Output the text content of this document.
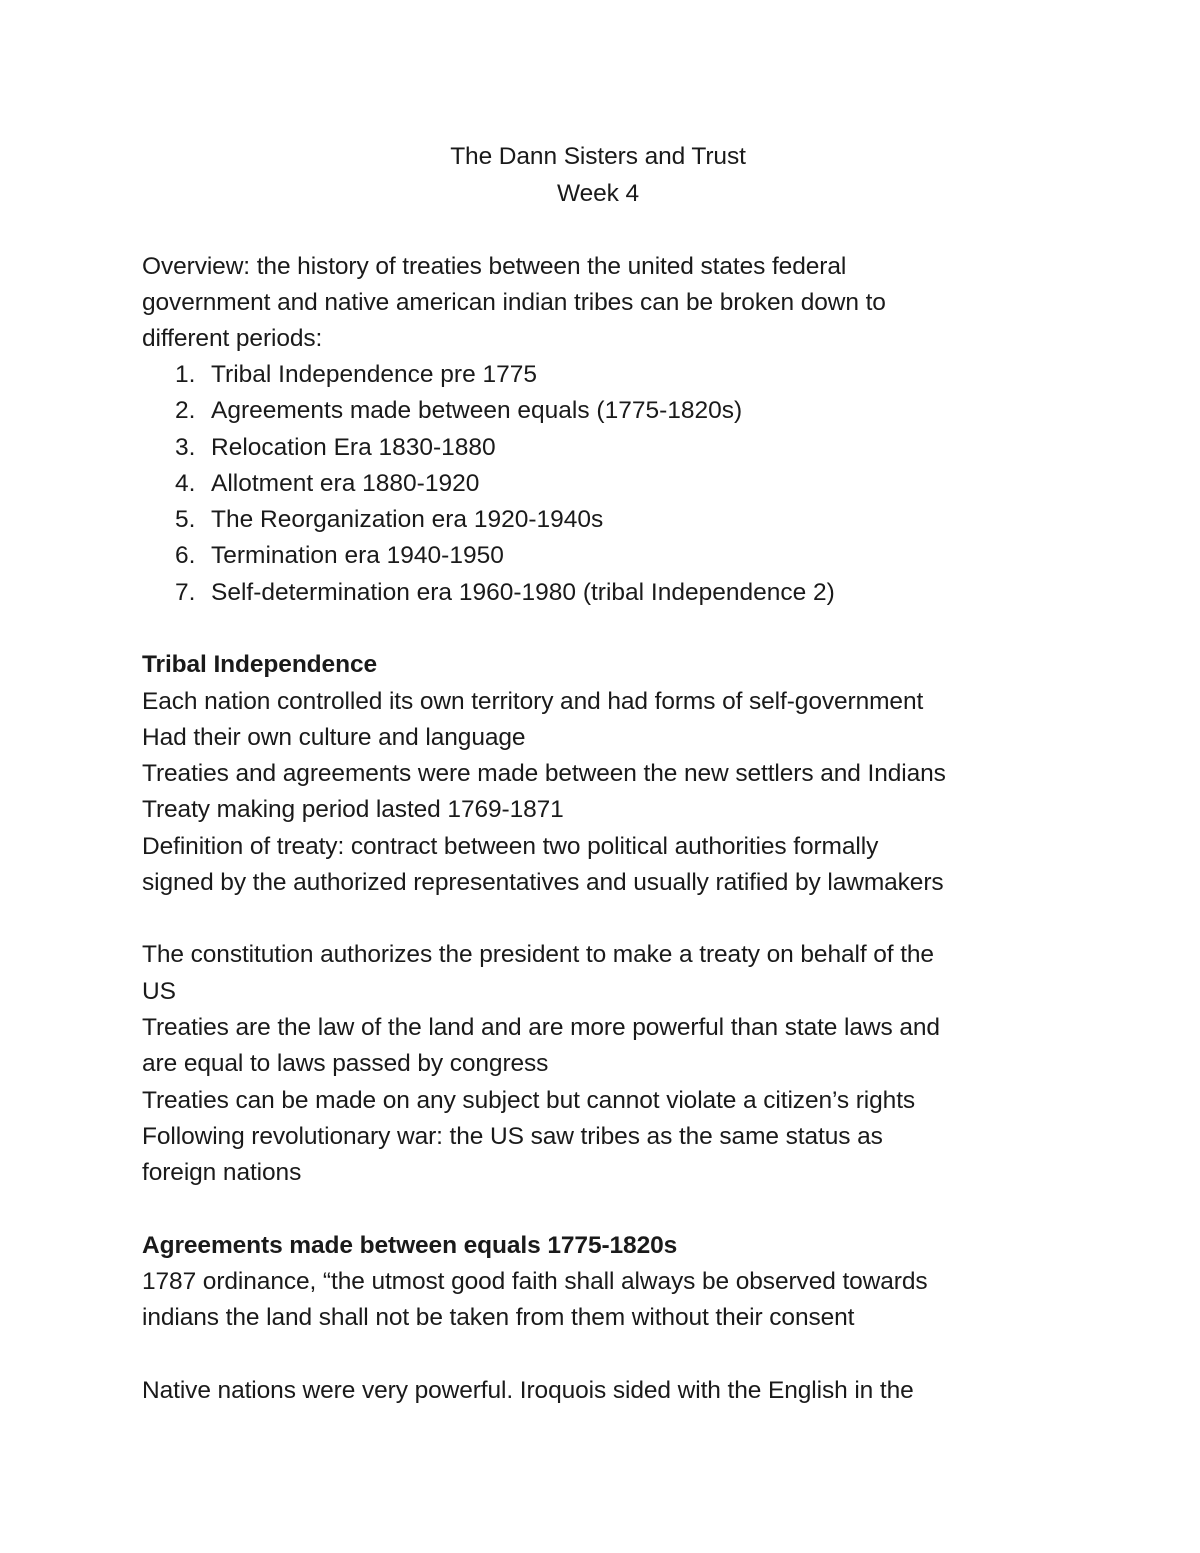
The Dann Sisters and Trust
Week 4
Overview: the history of treaties between the united states federal
government and native american indian tribes can be broken down to
different periods:
1. Tribal Independence pre 1775
2. Agreements made between equals (1775-1820s)
3. Relocation Era 1830-1880
4. Allotment era 1880-1920
5. The Reorganization era 1920-1940s
6. Termination era 1940-1950
7. Self-determination era 1960-1980 (tribal Independence 2)
Tribal Independence
Each nation controlled its own territory and had forms of self-government
Had their own culture and language
Treaties and agreements were made between the new settlers and Indians
Treaty making period lasted 1769-1871
Definition of treaty: contract between two political authorities formally
signed by the authorized representatives and usually ratified by lawmakers
The constitution authorizes the president to make a treaty on behalf of the
US
Treaties are the law of the land and are more powerful than state laws and
are equal to laws passed by congress
Treaties can be made on any subject but cannot violate a citizen’s rights
Following revolutionary war: the US saw tribes as the same status as
foreign nations
Agreements made between equals 1775-1820s
1787 ordinance, “the utmost good faith shall always be observed towards
indians the land shall not be taken from them without their consent
Native nations were very powerful. Iroquois sided with the English in the
